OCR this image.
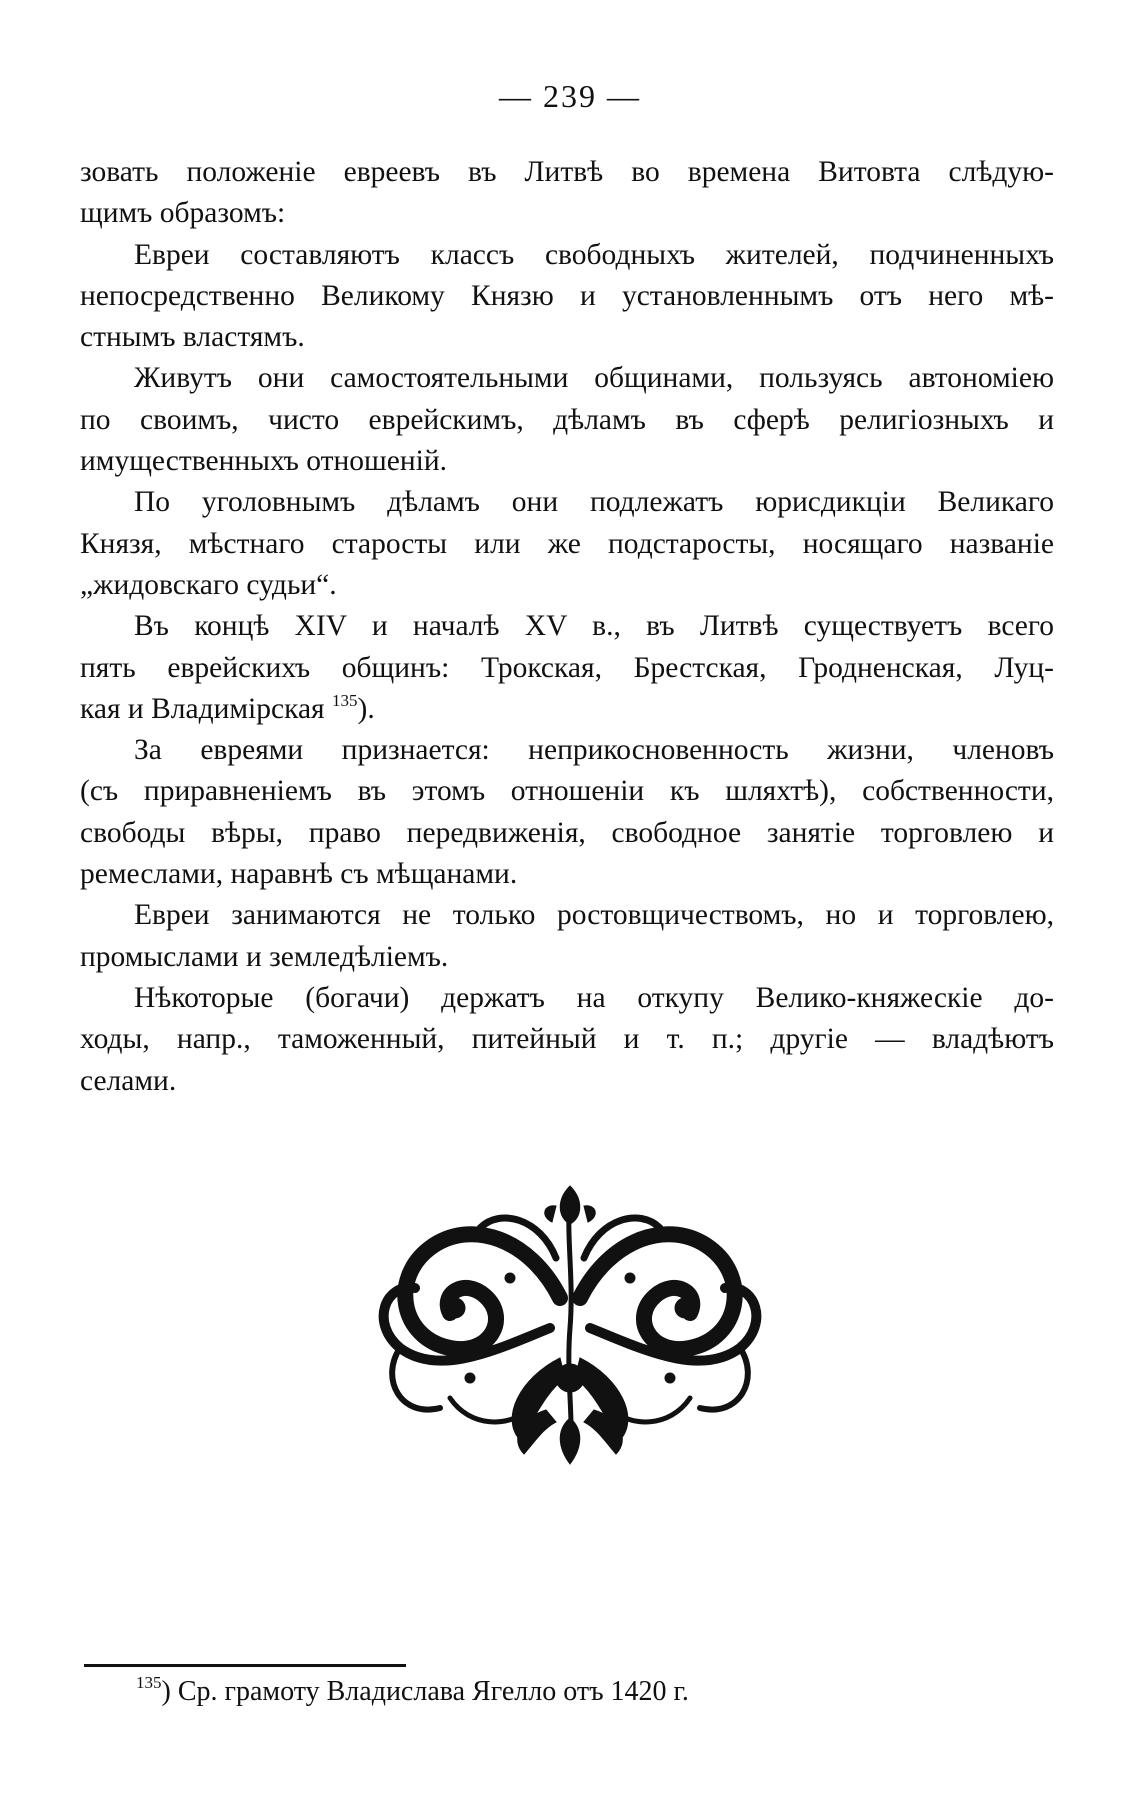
— 239 —
зовать положеніе евреевъ въ Литвѣ во времена Витовта слѣдую-
щимъ образомъ:
Евреи составляютъ классъ свободныхъ жителей, подчиненныхъ
непосредственно Великому Князю и установленнымъ отъ него мѣ-
стнымъ властямъ.
Живутъ они самостоятельными общинами, пользуясь автономіею
по своимъ, чисто еврейскимъ, дѣламъ въ сферѣ религіозныхъ и
имущественныхъ отношеній.
По уголовнымъ дѣламъ они подлежатъ юрисдикціи Великаго
Князя, мѣстнаго старосты или же подстаросты, носящаго названіе
„жидовскаго судьи“.
Въ концѣ XIV и началѣ XV в., въ Литвѣ существуетъ всего
пять еврейскихъ общинъ: Трокская, Брестская, Гродненская, Луц-
кая и Владимірская $^{135}$).
За евреями признается: неприкосновенность жизни, членовъ
(съ приравненіемъ въ этомъ отношеніи къ шляхтѣ), собственности,
свободы вѣры, право передвиженія, свободное занятіе торговлею и
ремеслами, наравнѣ съ мѣщанами.
Евреи занимаются не только ростовщичествомъ, но и торговлею,
промыслами и земледѣліемъ.
Нѣкоторые (богачи) держатъ на откупу Велико-княжескіе до-
ходы, напр., таможенный, питейный и т. п.; другіе — владѣютъ
селами.
$^{135}$) Ср. грамоту Владислава Ягелло отъ 1420 г.
